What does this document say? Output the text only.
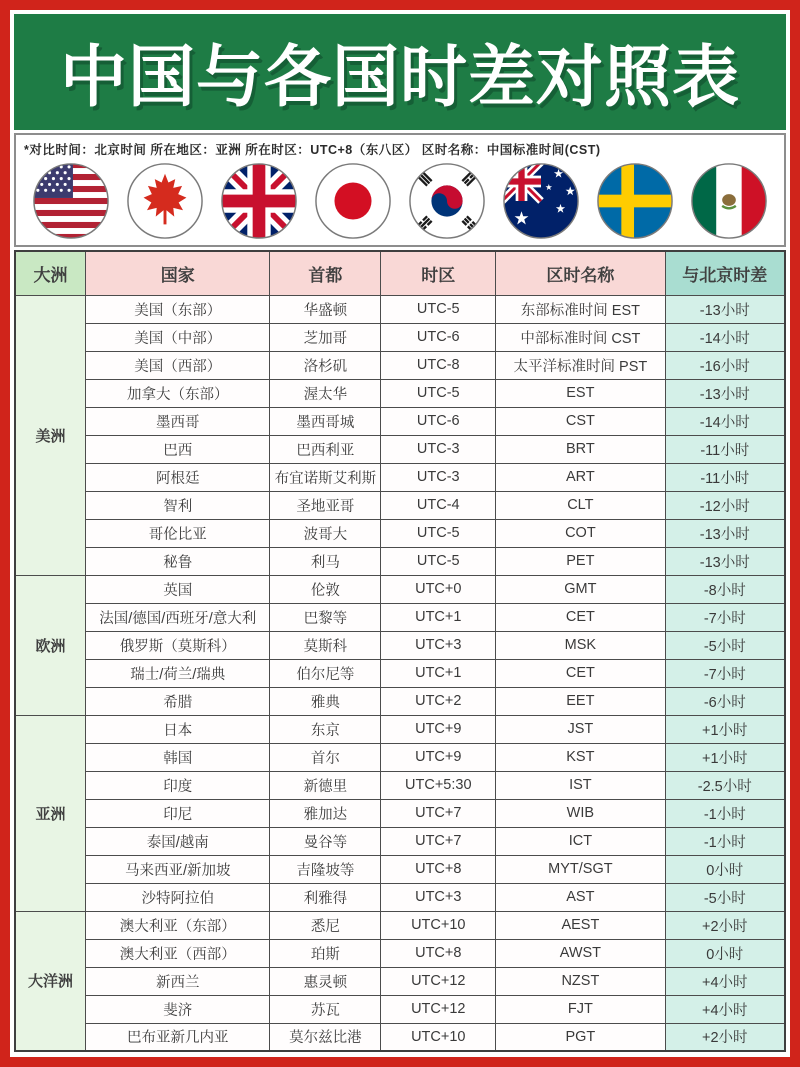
中国与各国时差对照表
*对比时间：北京时间 所在地区：亚洲 所在时区：UTC+8（东八区） 区时名称：中国标准时间(CST)
大洲	国家	首都	时区	区时名称	与北京时差
美洲	美国（东部）	华盛顿	UTC-5	东部标准时间 EST	-13小时
	美国（中部）	芝加哥	UTC-6	中部标准时间 CST	-14小时
	美国（西部）	洛杉矶	UTC-8	太平洋标准时间 PST	-16小时
	加拿大（东部）	渥太华	UTC-5	EST	-13小时
	墨西哥	墨西哥城	UTC-6	CST	-14小时
	巴西	巴西利亚	UTC-3	BRT	-11小时
	阿根廷	布宜诺斯艾利斯	UTC-3	ART	-11小时
	智利	圣地亚哥	UTC-4	CLT	-12小时
	哥伦比亚	波哥大	UTC-5	COT	-13小时
	秘鲁	利马	UTC-5	PET	-13小时
欧洲	英国	伦敦	UTC+0	GMT	-8小时
	法国/德国/西班牙/意大利	巴黎等	UTC+1	CET	-7小时
	俄罗斯（莫斯科）	莫斯科	UTC+3	MSK	-5小时
	瑞士/荷兰/瑞典	伯尔尼等	UTC+1	CET	-7小时
	希腊	雅典	UTC+2	EET	-6小时
亚洲	日本	东京	UTC+9	JST	+1小时
	韩国	首尔	UTC+9	KST	+1小时
	印度	新德里	UTC+5:30	IST	-2.5小时
	印尼	雅加达	UTC+7	WIB	-1小时
	泰国/越南	曼谷等	UTC+7	ICT	-1小时
	马来西亚/新加坡	吉隆坡等	UTC+8	MYT/SGT	0小时
	沙特阿拉伯	利雅得	UTC+3	AST	-5小时
大洋洲	澳大利亚（东部）	悉尼	UTC+10	AEST	+2小时
	澳大利亚（西部）	珀斯	UTC+8	AWST	0小时
	新西兰	惠灵顿	UTC+12	NZST	+4小时
	斐济	苏瓦	UTC+12	FJT	+4小时
	巴布亚新几内亚	莫尔兹比港	UTC+10	PGT	+2小时
